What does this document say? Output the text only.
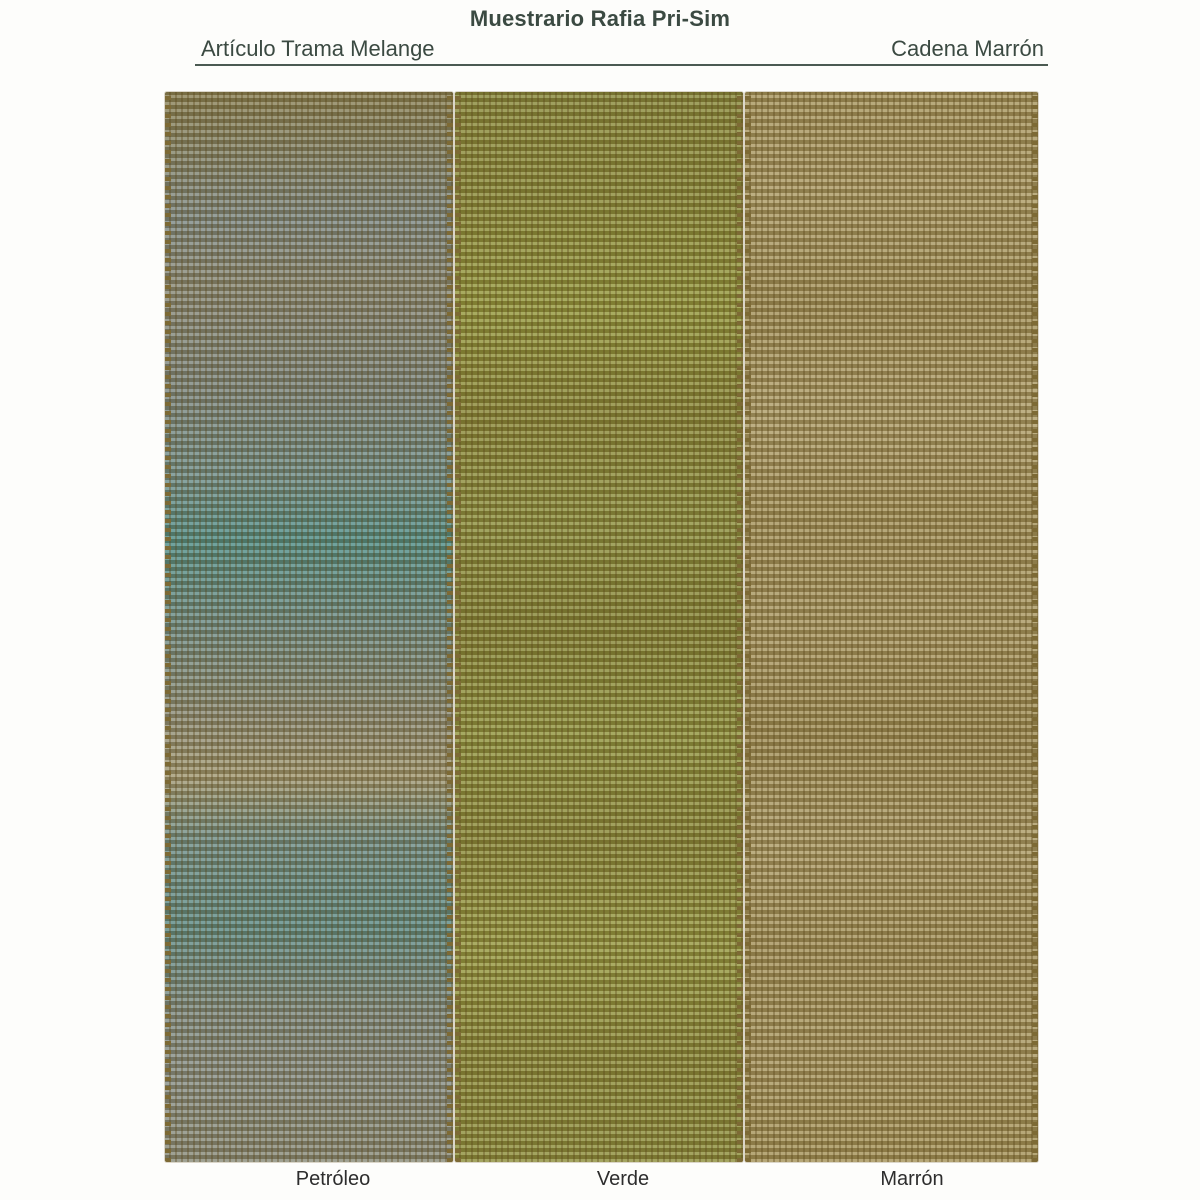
Muestrario Rafia Pri-Sim
Artículo Trama Melange	Cadena Marrón
Petróleo	Verde	Marrón
